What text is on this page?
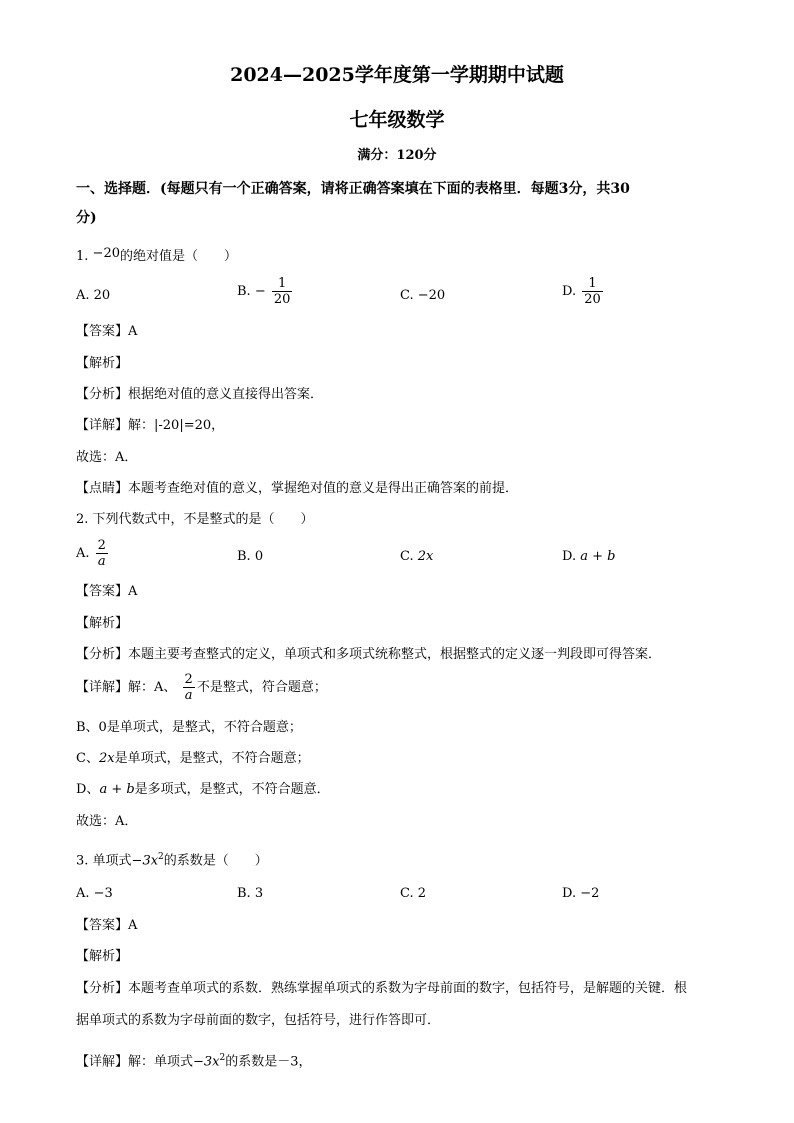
2024—2025学年度第一学期期中试题
七年级数学
满分：120分
一、选择题．(每题只有一个正确答案，请将正确答案填在下面的表格里．每题3分，共30
分)
1. −20的绝对值是（　　）
A. 20	B. − $\frac{1}{20}$	C. −20	D. $\frac{1}{20}$
【答案】A
【解析】
【分析】根据绝对值的意义直接得出答案．
【详解】解：|-20|=20，
故选：A．
【点睛】本题考查绝对值的意义，掌握绝对值的意义是得出正确答案的前提．
2. 下列代数式中，不是整式的是（　　）
A. $\frac{2}{a}$	B. 0	C. 2x	D. a + b
【答案】A
【解析】
【分析】本题主要考查整式的定义，单项式和多项式统称整式，根据整式的定义逐一判段即可得答案．
【详解】解：A、 $\frac{2}{a}$ 不是整式，符合题意；
B、0是单项式，是整式，不符合题意；
C、2x是单项式，是整式，不符合题意；
D、a + b是多项式，是整式，不符合题意．
故选：A．
3. 单项式$-3x^2$的系数是（　　）
A. −3	B. 3	C. 2	D. −2
【答案】A
【解析】
【分析】本题考查单项式的系数．熟练掌握单项式的系数为字母前面的数字，包括符号，是解题的关键．根
据单项式的系数为字母前面的数字，包括符号，进行作答即可．
【详解】解：单项式$-3x^2$的系数是－3，
